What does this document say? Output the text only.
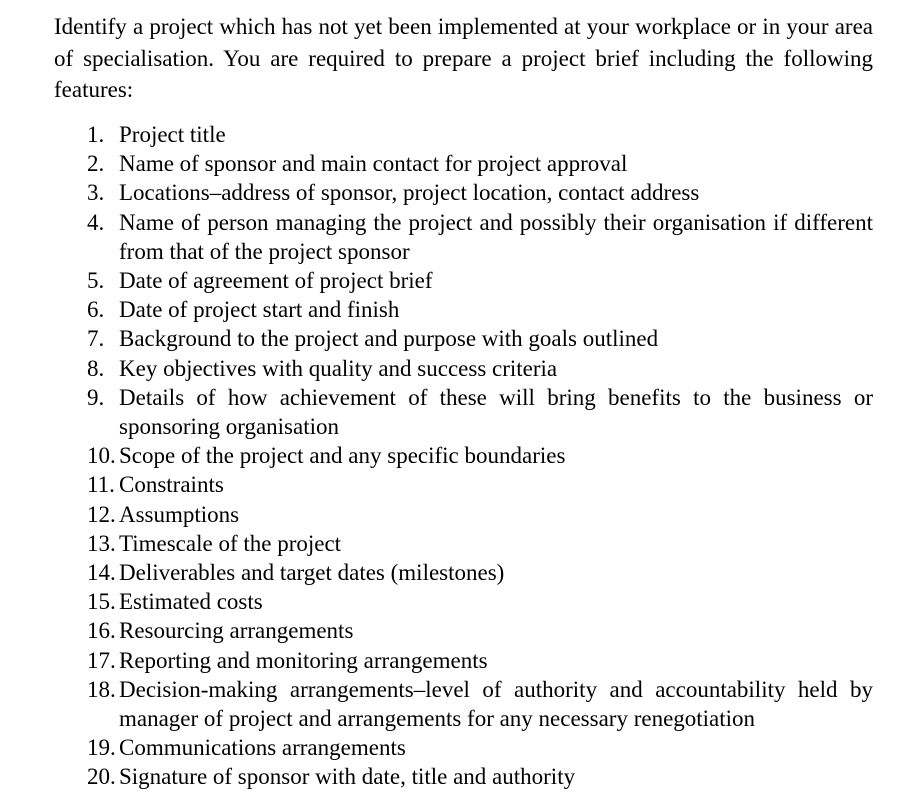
Identify a project which has not yet been implemented at your workplace or in your area of specialisation. You are required to prepare a project brief including the following features:

1. Project title
2. Name of sponsor and main contact for project approval
3. Locations–address of sponsor, project location, contact address
4. Name of person managing the project and possibly their organisation if different from that of the project sponsor
5. Date of agreement of project brief
6. Date of project start and finish
7. Background to the project and purpose with goals outlined
8. Key objectives with quality and success criteria
9. Details of how achievement of these will bring benefits to the business or sponsoring organisation
10. Scope of the project and any specific boundaries
11. Constraints
12. Assumptions
13. Timescale of the project
14. Deliverables and target dates (milestones)
15. Estimated costs
16. Resourcing arrangements
17. Reporting and monitoring arrangements
18. Decision-making arrangements–level of authority and accountability held by manager of project and arrangements for any necessary renegotiation
19. Communications arrangements
20. Signature of sponsor with date, title and authority
